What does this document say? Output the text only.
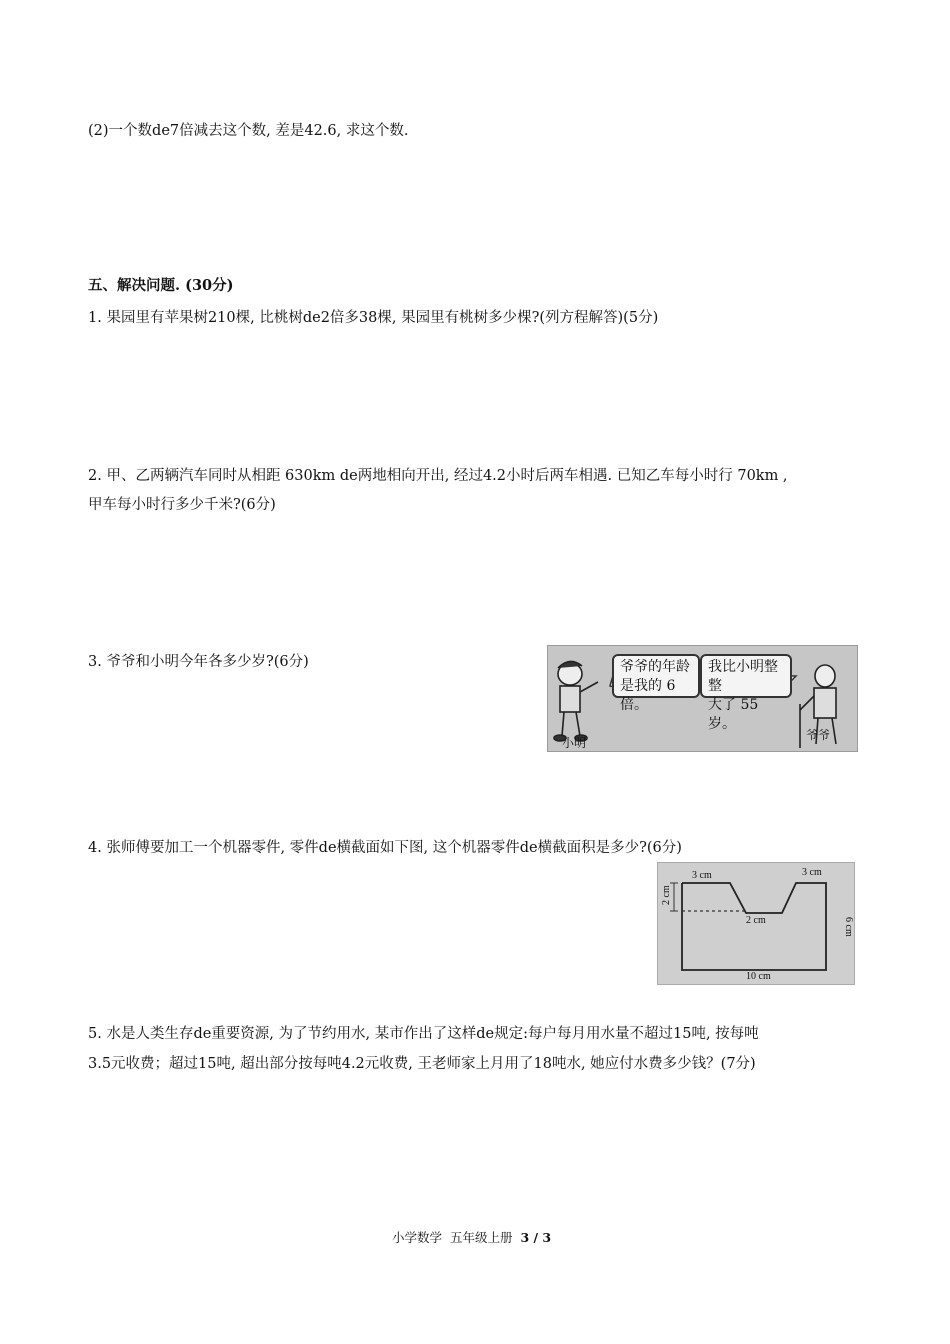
(2)一个数de7倍减去这个数, 差是42.6, 求这个数.
五、解决问题. (30分)
1. 果园里有苹果树210棵, 比桃树de2倍多38棵, 果园里有桃树多少棵?(列方程解答)(5分)
2. 甲、乙两辆汽车同时从相距 630km de两地相向开出, 经过4.2小时后两车相遇. 已知乙车每小时行 70km ,
甲车每小时行多少千米?(6分)
3. 爷爷和小明今年各多少岁?(6分)	爷爷的年龄
是我的 6 倍。
我比小明整整
大了 55 岁。
小明
爷爷
4. 张师傅要加工一个机器零件, 零件de横截面如下图, 这个机器零件de横截面积是多少?(6分)
3 cm	3 cm
2 cm
10 cm
2 cm
6 cm
5. 水是人类生存de重要资源, 为了节约用水, 某市作出了这样de规定:每户每月用水量不超过15吨, 按每吨
3.5元收费；超过15吨, 超出部分按每吨4.2元收费, 王老师家上月用了18吨水, 她应付水费多少钱？(7分)
小学数学 五年级上册 3 / 3
